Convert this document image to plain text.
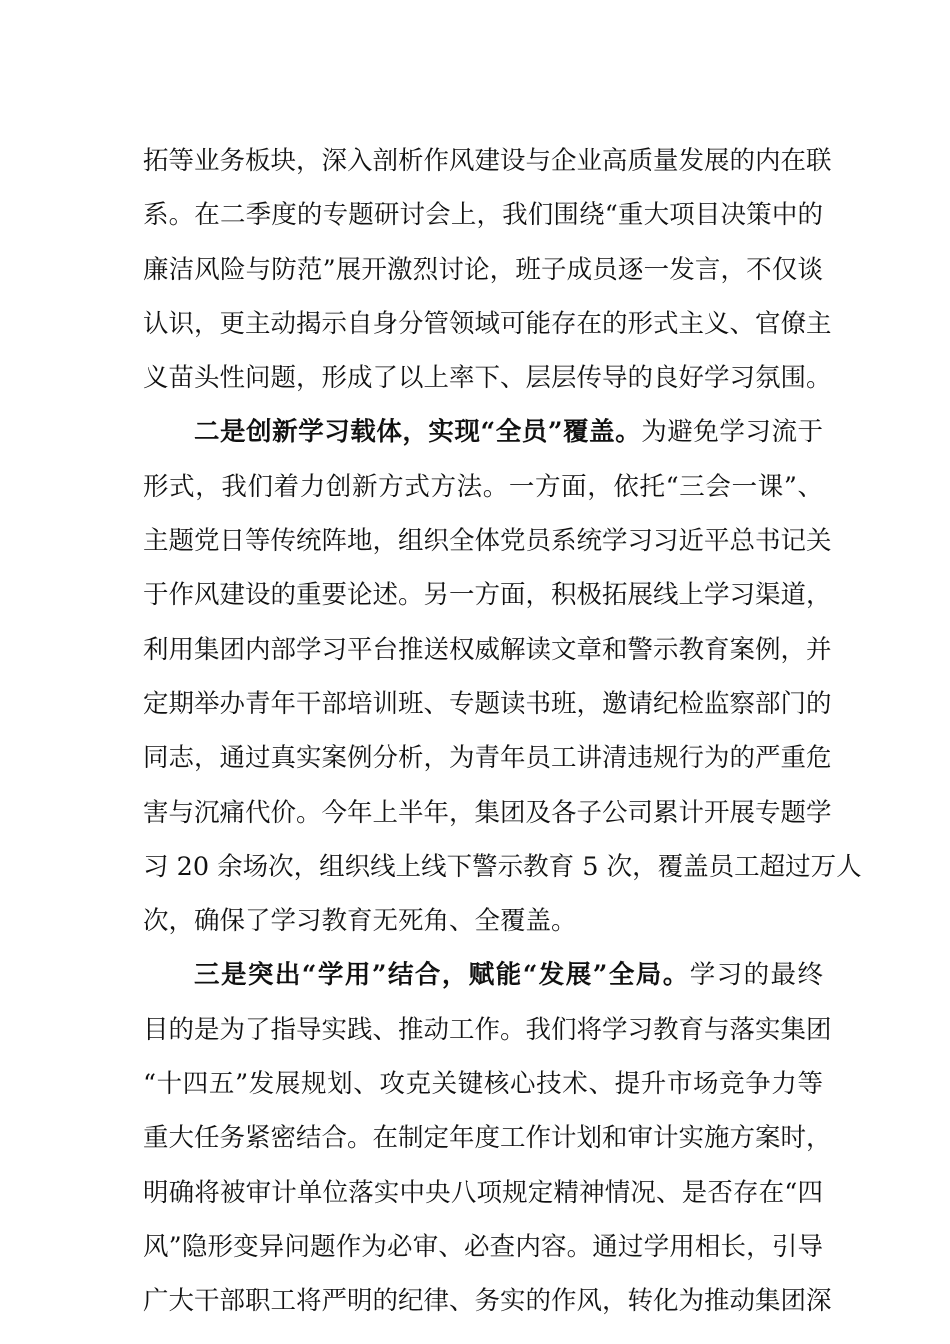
拓等业务板块，深入剖析作风建设与企业高质量发展的内在联
系。在二季度的专题研讨会上，我们围绕“重大项目决策中的
廉洁风险与防范”展开激烈讨论，班子成员逐一发言，不仅谈
认识，更主动揭示自身分管领域可能存在的形式主义、官僚主
义苗头性问题，形成了以上率下、层层传导的良好学习氛围。
二是创新学习载体，实现“全员”覆盖。为避免学习流于
形式，我们着力创新方式方法。一方面，依托“三会一课”、
主题党日等传统阵地，组织全体党员系统学习习近平总书记关
于作风建设的重要论述。另一方面，积极拓展线上学习渠道，
利用集团内部学习平台推送权威解读文章和警示教育案例，并
定期举办青年干部培训班、专题读书班，邀请纪检监察部门的
同志，通过真实案例分析，为青年员工讲清违规行为的严重危
害与沉痛代价。今年上半年，集团及各子公司累计开展专题学
习 20 余场次，组织线上线下警示教育 5 次，覆盖员工超过万人
次，确保了学习教育无死角、全覆盖。
三是突出“学用”结合，赋能“发展”全局。学习的最终
目的是为了指导实践、推动工作。我们将学习教育与落实集团
“十四五”发展规划、攻克关键核心技术、提升市场竞争力等
重大任务紧密结合。在制定年度工作计划和审计实施方案时，
明确将被审计单位落实中央八项规定精神情况、是否存在“四
风”隐形变异问题作为必审、必查内容。通过学用相长，引导
广大干部职工将严明的纪律、务实的作风，转化为推动集团深
